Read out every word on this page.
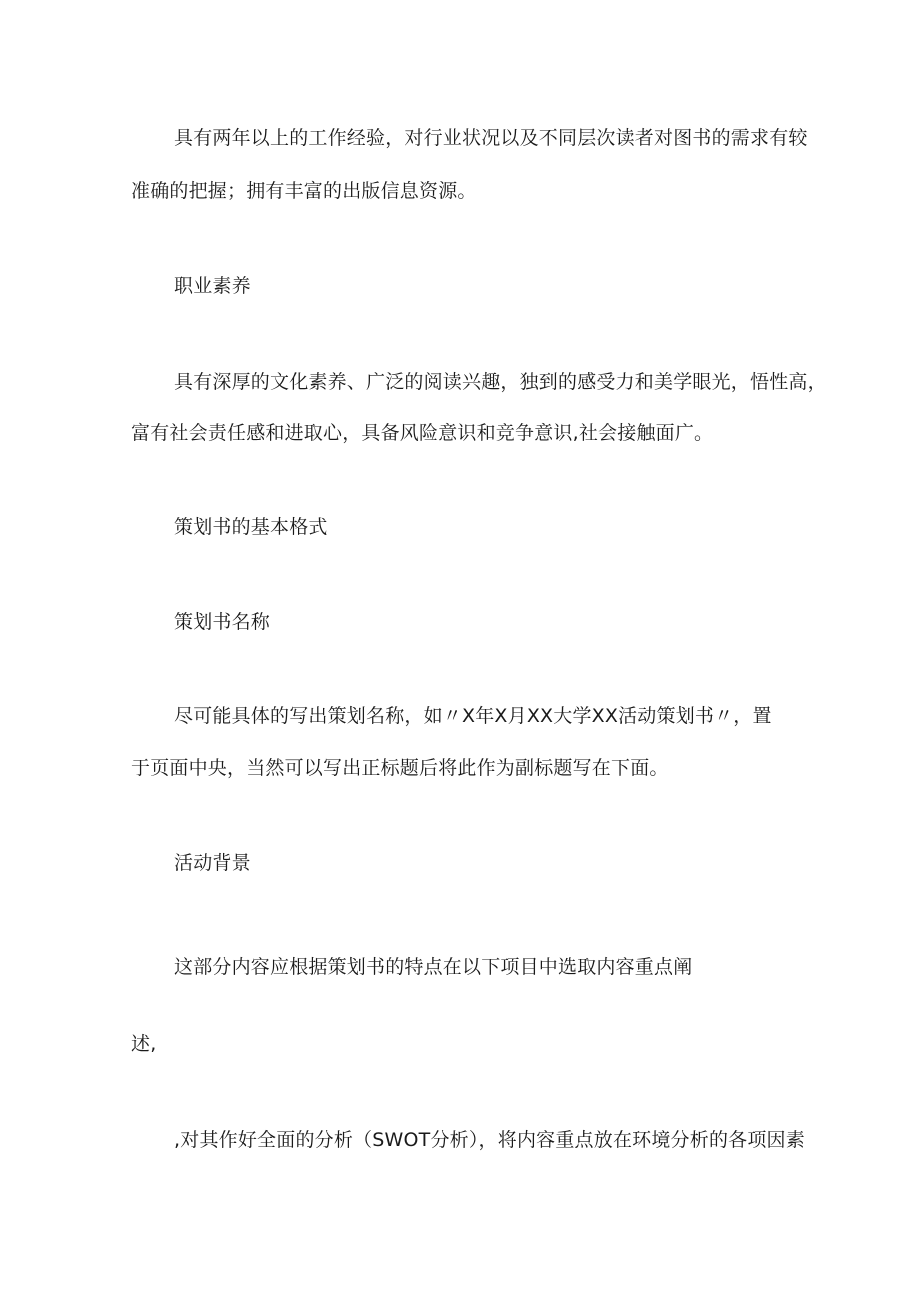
具有两年以上的工作经验，对行业状况以及不同层次读者对图书的需求有较
准确的把握；拥有丰富的出版信息资源。
职业素养
具有深厚的文化素养、广泛的阅读兴趣，独到的感受力和美学眼光，悟性高，
富有社会责任感和进取心，具备风险意识和竞争意识,社会接触面广。
策划书的基本格式
策划书名称
尽可能具体的写出策划名称，如〃X年X月XX大学XX活动策划书〃，置
于页面中央，当然可以写出正标题后将此作为副标题写在下面。
活动背景
这部分内容应根据策划书的特点在以下项目中选取内容重点阐
述,
,对其作好全面的分析（SWOT分析），将内容重点放在环境分析的各项因素
